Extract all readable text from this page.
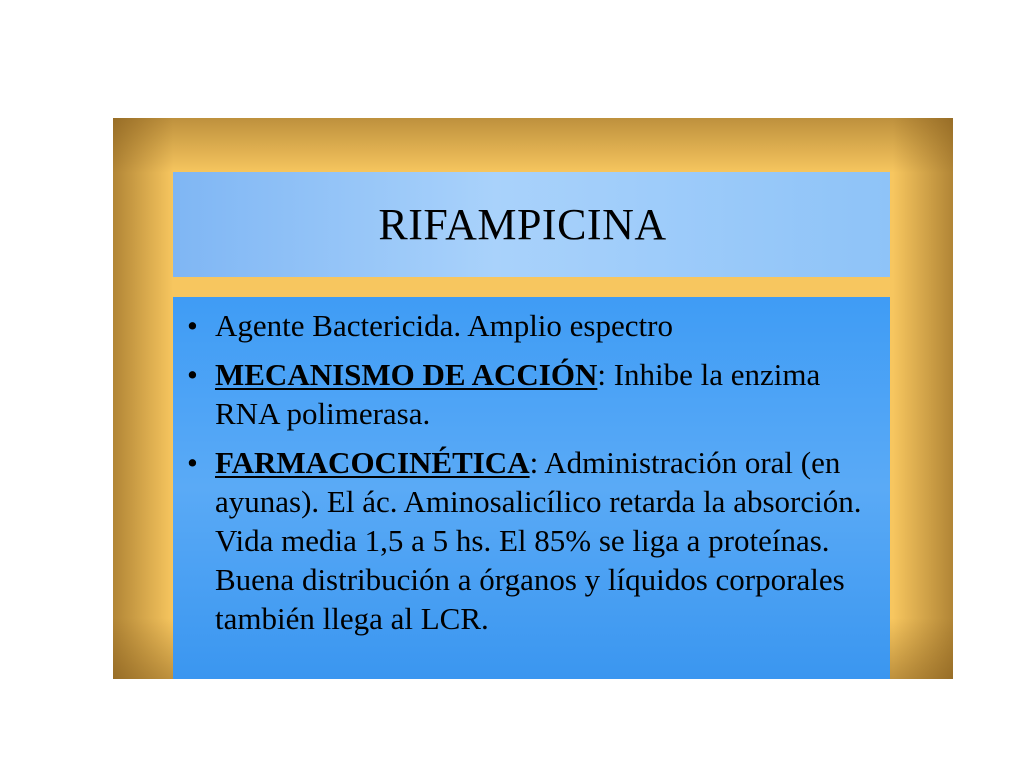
RIFAMPICINA
• Agente Bactericida. Amplio espectro
• MECANISMO DE ACCIÓN: Inhibe la enzima RNA polimerasa.
• FARMACOCINÉTICA: Administración oral (en ayunas). El ác. Aminosalicílico retarda la absorción. Vida media 1,5 a 5 hs. El 85% se liga a proteínas. Buena distribución a órganos y líquidos corporales también llega al LCR.
